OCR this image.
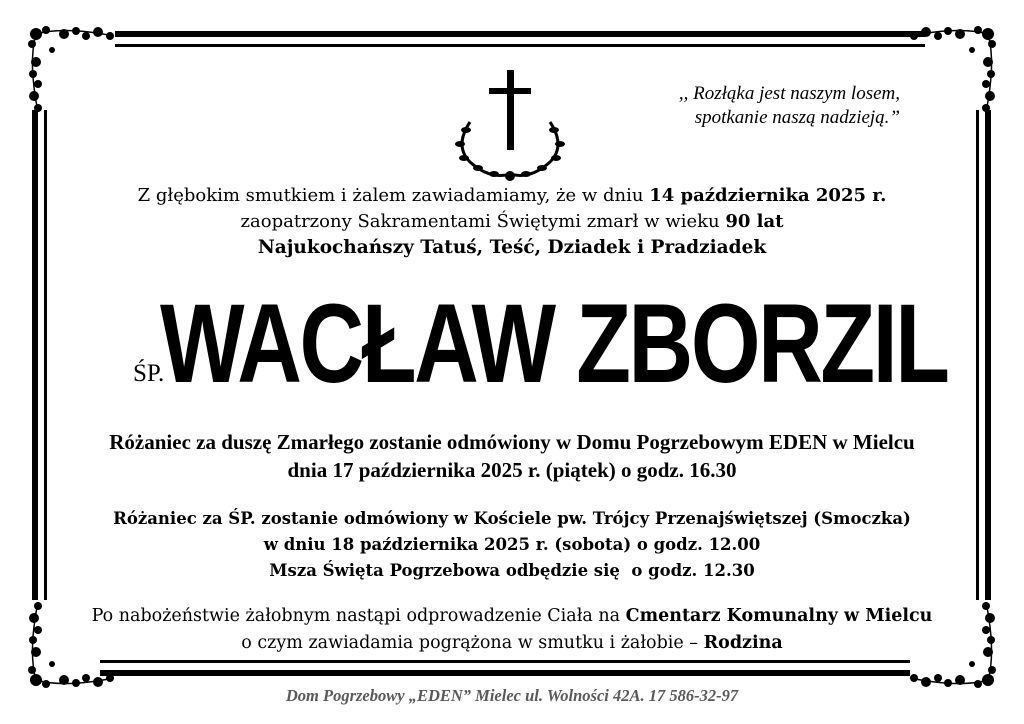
,, Rozłąka jest naszym losem,
spotkanie naszą nadzieją.”
Z głębokim smutkiem i żalem zawiadamiamy, że w dniu 14 października 2025 r.
zaopatrzony Sakramentami Świętymi zmarł w wieku 90 lat
Najukochańszy Tatuś, Teść, Dziadek i Pradziadek
ŚP.
WACŁAW ZBORZIL
Różaniec za duszę Zmarłego zostanie odmówiony w Domu Pogrzebowym EDEN w Mielcu
dnia 17 października 2025 r. (piątek) o godz. 16.30
Różaniec za ŚP. zostanie odmówiony w Kościele pw. Trójcy Przenajświętszej (Smoczka)
w dniu 18 października 2025 r. (sobota) o godz. 12.00
Msza Święta Pogrzebowa odbędzie się  o godz. 12.30
Po nabożeństwie żałobnym nastąpi odprowadzenie Ciała na Cmentarz Komunalny w Mielcu
o czym zawiadamia pogrążona w smutku i żałobie – Rodzina
Dom Pogrzebowy „EDEN” Mielec ul. Wolności 42A. 17 586-32-97
